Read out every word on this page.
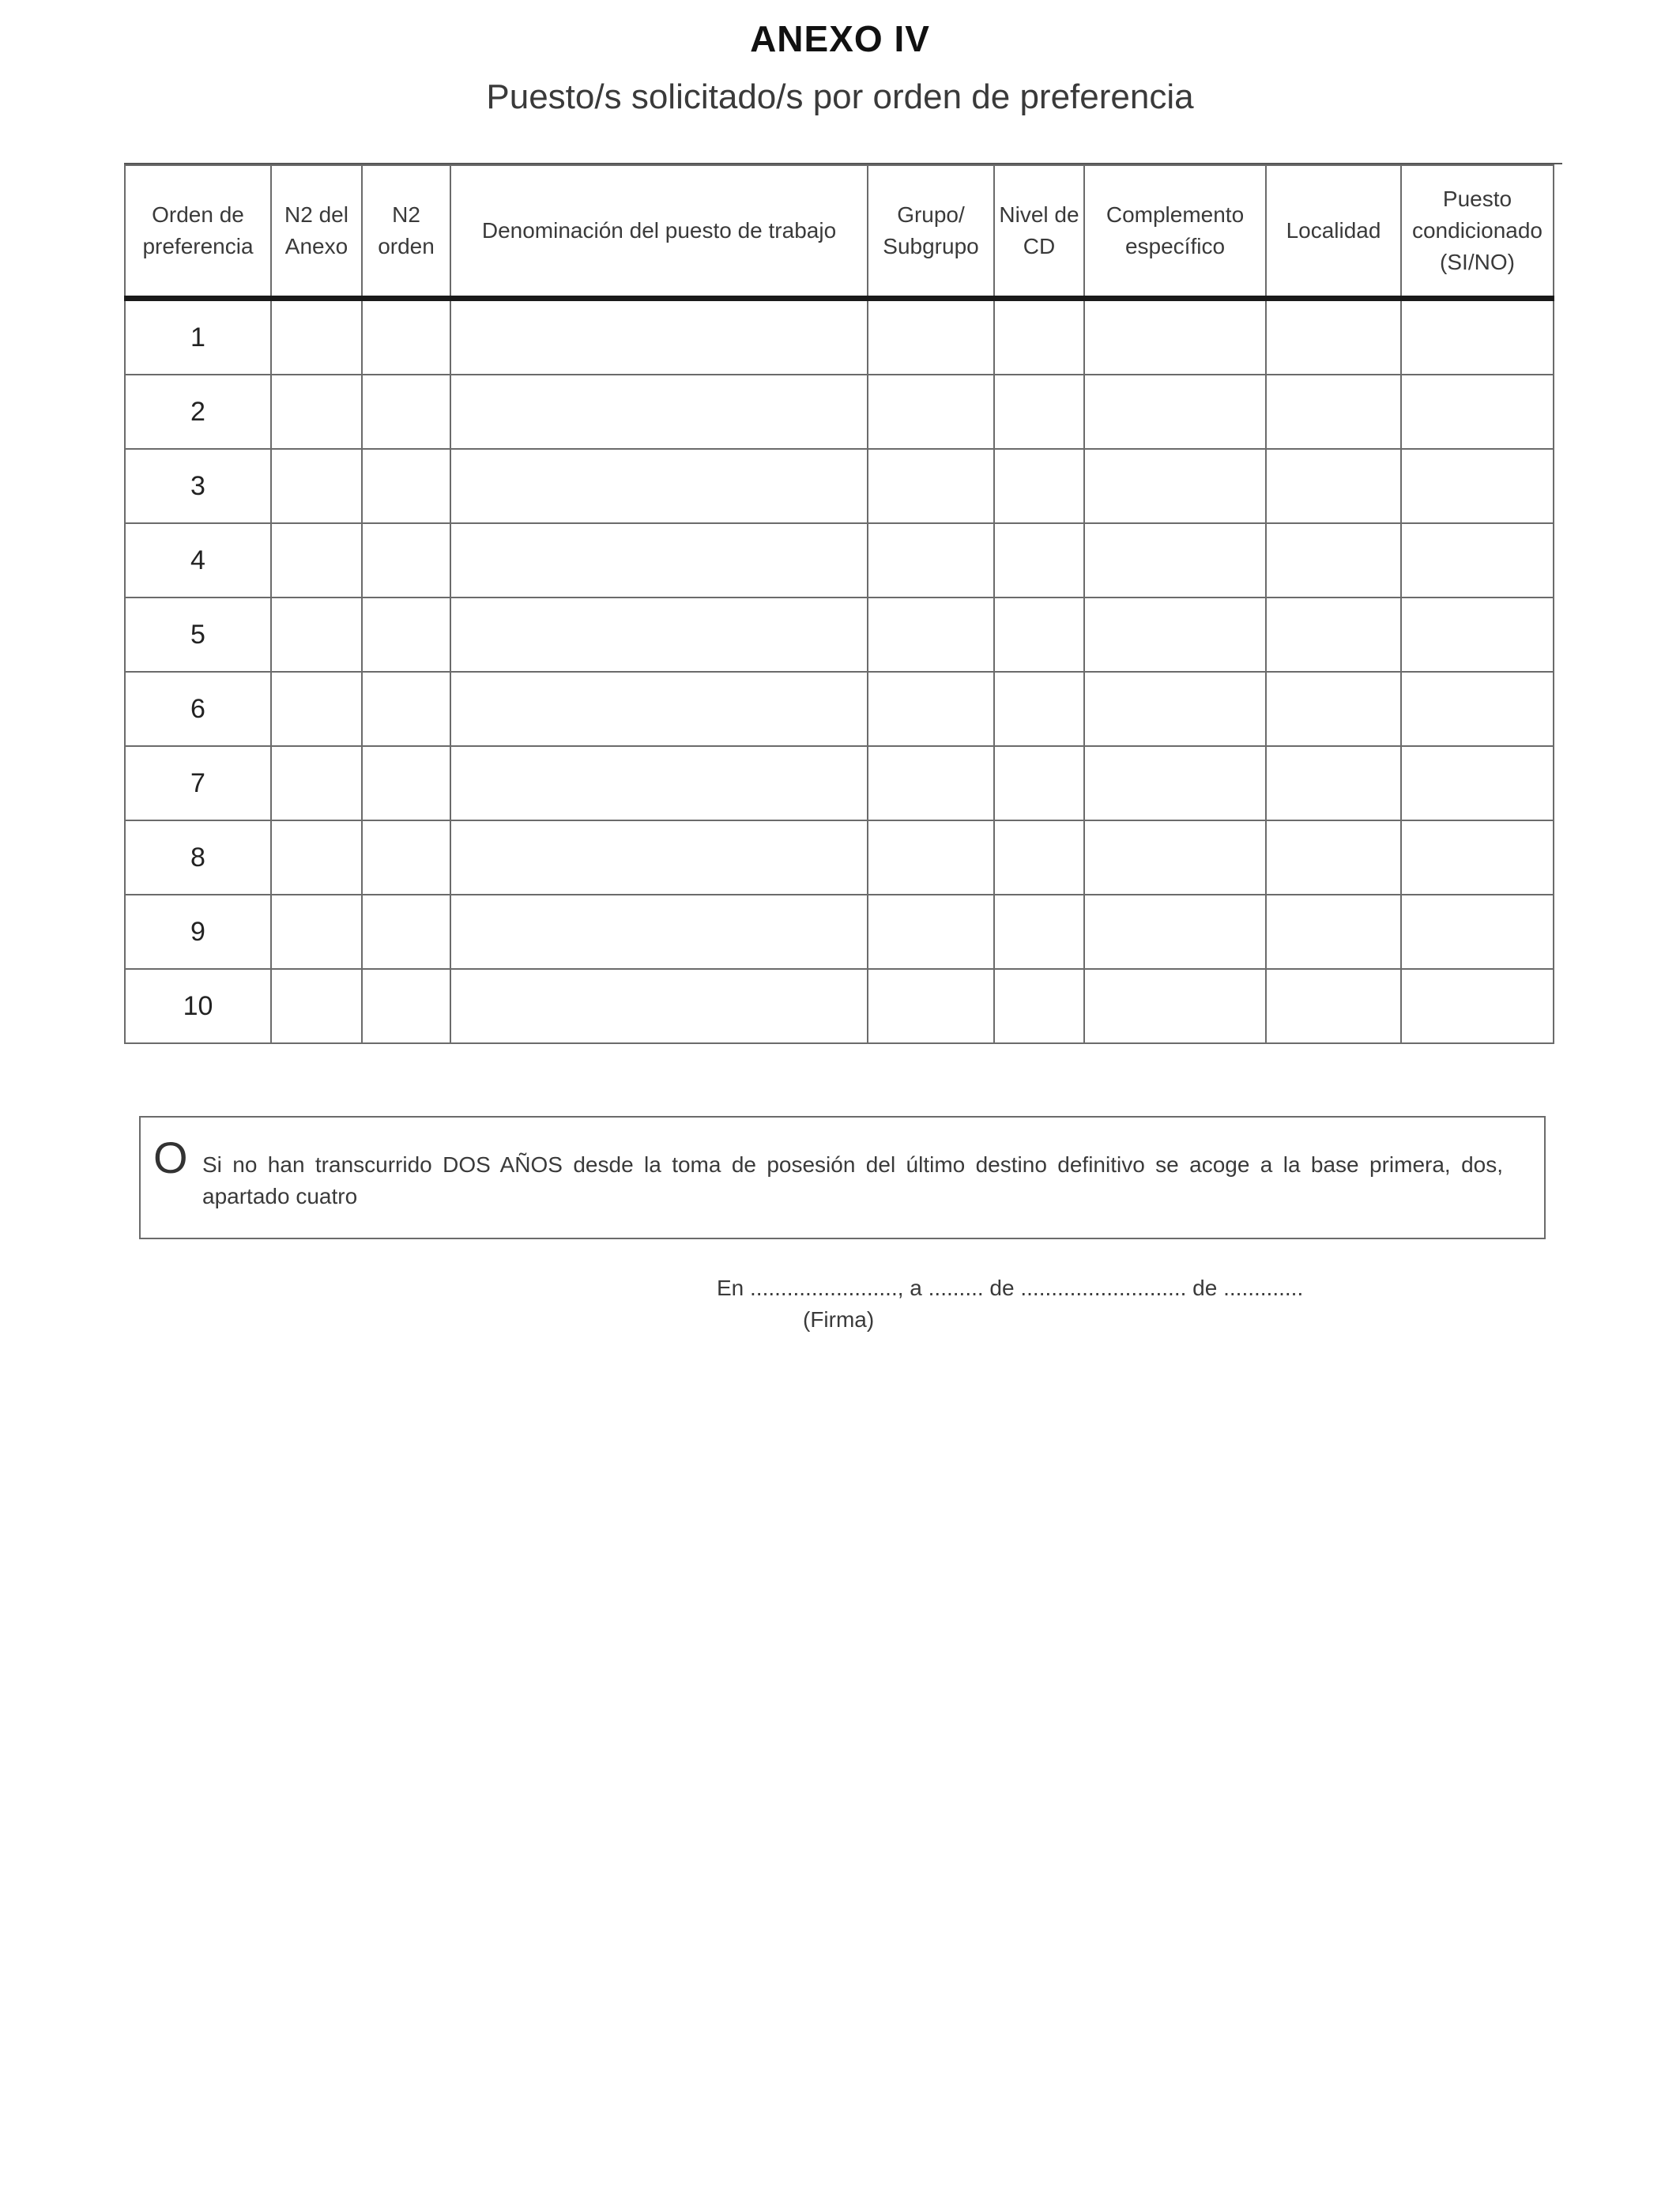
ANEXO IV
Puesto/s solicitado/s por orden de preferencia
Orden de preferencia	N2 del Anexo	N2 orden	Denominación del puesto de trabajo	Grupo/ Subgrupo	Nivel de CD	Complemento específico	Localidad	Puesto condicionado (SI/NO)
1								
2								
3								
4								
5								
6								
7								
8								
9								
10								
O Si no han transcurrido DOS AÑOS desde la toma de posesión del último destino definitivo se acoge a la base primera, dos, apartado cuatro
En ........................, a ......... de ........................... de .............
(Firma)
